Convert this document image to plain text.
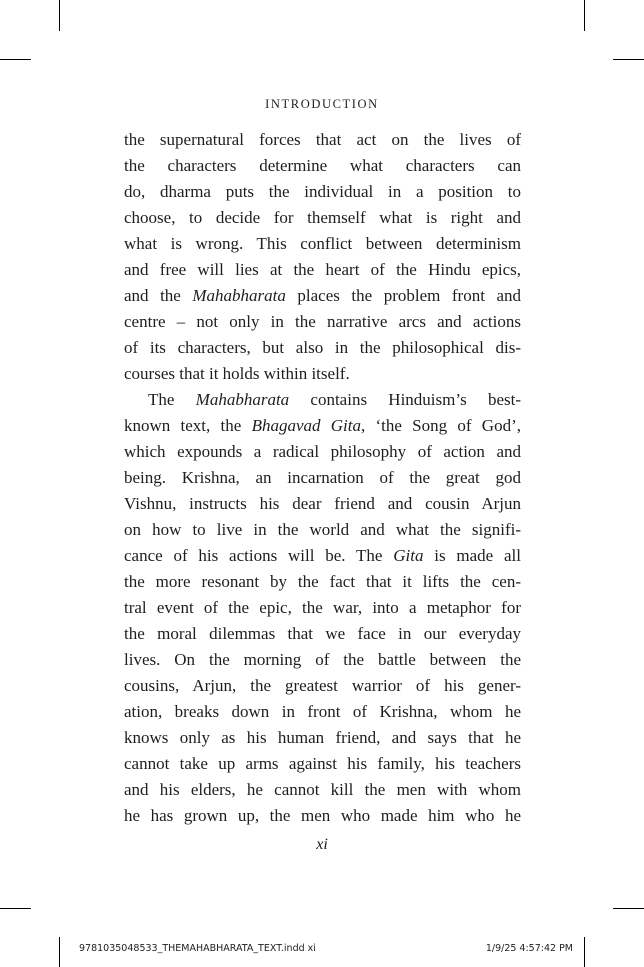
INTRODUCTION
the supernatural forces that act on the lives of
the characters determine what characters can
do, dharma puts the individual in a position to
choose, to decide for themself what is right and
what is wrong. This conflict between determinism
and free will lies at the heart of the Hindu epics,
and the Mahabharata places the problem front and
centre – not only in the narrative arcs and actions
of its characters, but also in the philosophical dis-
courses that it holds within itself.
The Mahabharata contains Hinduism’s best-
known text, the Bhagavad Gita, ‘the Song of God’,
which expounds a radical philosophy of action and
being. Krishna, an incarnation of the great god
Vishnu, instructs his dear friend and cousin Arjun
on how to live in the world and what the signifi-
cance of his actions will be. The Gita is made all
the more resonant by the fact that it lifts the cen-
tral event of the epic, the war, into a metaphor for
the moral dilemmas that we face in our everyday
lives. On the morning of the battle between the
cousins, Arjun, the greatest warrior of his gener-
ation, breaks down in front of Krishna, whom he
knows only as his human friend, and says that he
cannot take up arms against his family, his teachers
and his elders, he cannot kill the men with whom
he has grown up, the men who made him who he
xi
9781035048533_THEMAHABHARATA_TEXT.indd xi	1/9/25 4:57:42 PM
